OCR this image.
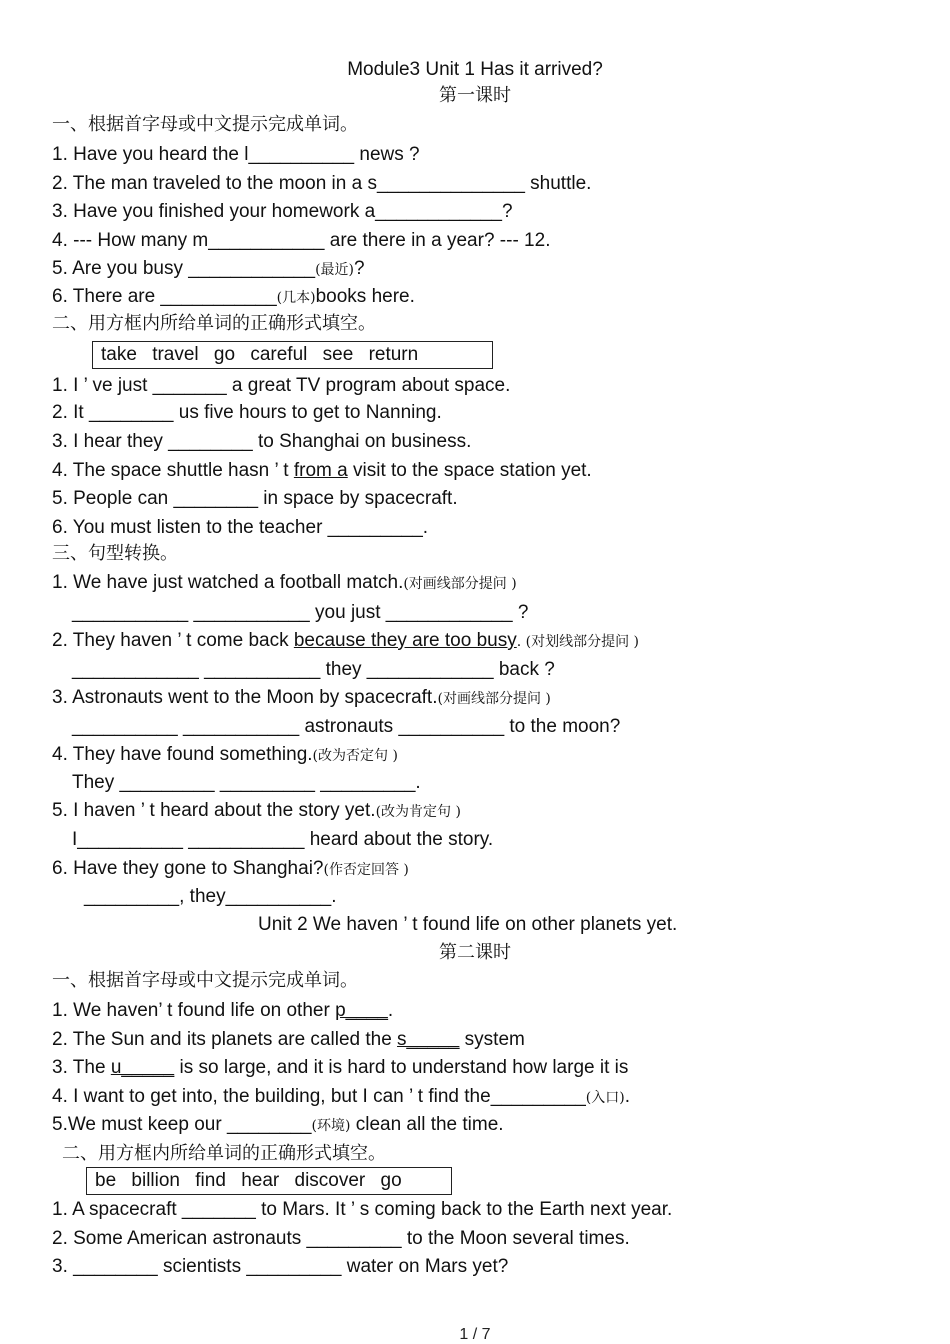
Module3 Unit 1 Has it arrived?
第一课时
一、根据首字母或中文提示完成单词。
1. Have you heard the l__________ news ?
2. The man traveled to the moon in a s______________ shuttle.
3. Have you finished your homework a____________?
4. --- How many m___________ are there in a year? --- 12.
5. Are you busy ____________(最近)?
6. There are ___________(几本)books here.
二、用方框内所给单词的正确形式填空。
take travel go careful see return
1. I ’ ve just _______ a great TV program about space.
2. It ________ us five hours to get to Nanning.
3. I hear they ________ to Shanghai on business.
4. The space shuttle hasn ’ t from a visit to the space station yet.
5. People can ________ in space by spacecraft.
6. You must listen to the teacher _________.
三、句型转换。
1. We have just watched a football match.(对画线部分提问 )
___________ ___________ you just ____________ ?
2. They haven ’ t come back because they are too busy. (对划线部分提问 )
____________ ___________ they ____________ back ?
3. Astronauts went to the Moon by spacecraft.(对画线部分提问 )
__________ ___________ astronauts __________ to the moon?
4. They have found something.(改为否定句 )
They _________ _________ _________.
5. I haven ’ t heard about the story yet.(改为肯定句 )
I__________ ___________ heard about the story.
6. Have they gone to Shanghai?(作否定回答 )
_________, they__________.
Unit 2 We haven ’ t found life on other planets yet.
第二课时
一、根据首字母或中文提示完成单词。
1. We haven’ t found life on other p____.
2. The Sun and its planets are called the s_____ system
3. The u_____ is so large, and it is hard to understand how large it is
4. I want to get into, the building, but I can ’ t find the_________(入口).
5.We must keep our ________(环境) clean all the time.
二、用方框内所给单词的正确形式填空。
be billion find hear discover go
1. A spacecraft _______ to Mars. It ’ s coming back to the Earth next year.
2. Some American astronauts _________ to the Moon several times.
3. ________ scientists _________ water on Mars yet?
1 / 7
